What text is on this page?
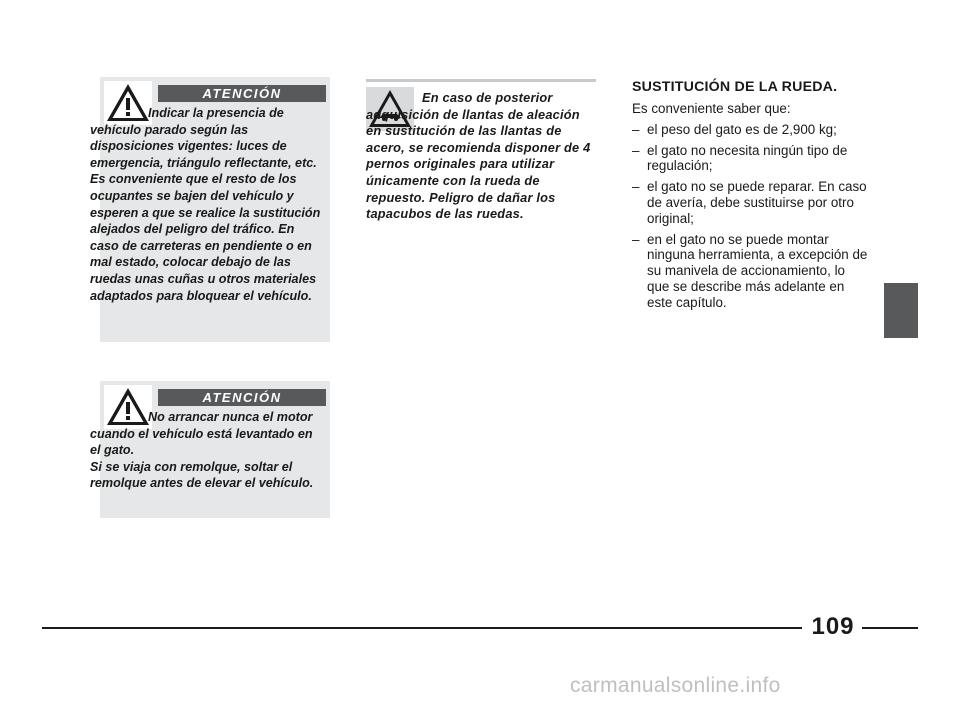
ATENCIÓN
Indicar la presencia de vehículo parado según las disposiciones vigentes: luces de emergencia, triángulo reflectante, etc. Es conveniente que el resto de los ocupantes se bajen del vehículo y esperen a que se realice la sustitución alejados del peligro del tráfico. En caso de carreteras en pendiente o en mal estado, colocar debajo de las ruedas unas cuñas u otros materiales adaptados para bloquear el vehículo.
ATENCIÓN
No arrancar nunca el motor cuando el vehículo está levantado en el gato.
Si se viaja con remolque, soltar el remolque antes de elevar el vehículo.
En caso de posterior adquisición de llantas de aleación en sustitución de las llantas de acero, se recomienda disponer de 4 pernos originales para utilizar únicamente con la rueda de repuesto. Peligro de dañar los tapacubos de las ruedas.
SUSTITUCIÓN DE LA RUEDA.

Es conveniente saber que:

– el peso del gato es de 2,900 kg;
– el gato no necesita ningún tipo de regulación;
– el gato no se puede reparar. En caso de avería, debe sustituirse por otro original;
– en el gato no se puede montar ninguna herramienta, a excepción de su manivela de accionamiento, lo que se describe más adelante en este capítulo.
109
carmanualsonline.info
